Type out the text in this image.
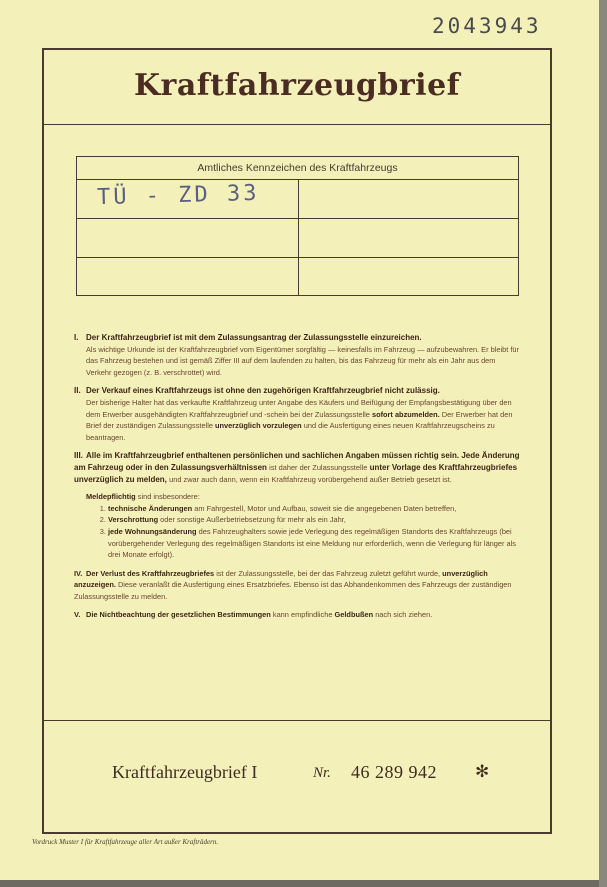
2043943
Kraftfahrzeugbrief
Amtliches Kennzeichen des Kraftfahrzeugs
TÜ - ZD 33
I. Der Kraftfahrzeugbrief ist mit dem Zulassungsantrag der Zulassungsstelle einzureichen.
Als wichtige Urkunde ist der Kraftfahrzeugbrief vom Eigentümer sorgfältig — keinesfalls im Fahrzeug — aufzubewahren. Er bleibt für das Fahrzeug bestehen und ist gemäß Ziffer III auf dem laufenden zu halten, bis das Fahrzeug für mehr als ein Jahr aus dem Verkehr gezogen (z. B. verschrottet) wird.
II. Der Verkauf eines Kraftfahrzeugs ist ohne den zugehörigen Kraftfahrzeugbrief nicht zulässig.
Der bisherige Halter hat das verkaufte Kraftfahrzeug unter Angabe des Käufers und Beifügung der Empfangsbestätigung über den dem Erwerber ausgehändigten Kraftfahrzeugbrief und -schein bei der Zulassungsstelle sofort abzumelden. Der Erwerber hat den Brief der zuständigen Zulassungsstelle unverzüglich vorzulegen und die Ausfertigung eines neuen Kraftfahrzeugscheins zu beantragen.
III. Alle im Kraftfahrzeugbrief enthaltenen persönlichen und sachlichen Angaben müssen richtig sein. Jede Änderung am Fahrzeug oder in den Zulassungsverhältnissen ist daher der Zulassungsstelle unter Vorlage des Kraftfahrzeugbriefes unverzüglich zu melden, und zwar auch dann, wenn ein Kraftfahrzeug vorübergehend außer Betrieb gesetzt ist.
Meldepflichtig sind insbesondere:
1. technische Änderungen am Fahrgestell, Motor und Aufbau, soweit sie die angegebenen Daten betreffen,
2. Verschrottung oder sonstige Außerbetriebsetzung für mehr als ein Jahr,
3. jede Wohnungsänderung des Fahrzeughalters sowie jede Verlegung des regelmäßigen Standorts des Kraftfahrzeugs (bei vorübergehender Verlegung des regelmäßigen Standorts ist eine Meldung nur erforderlich, wenn die Verlegung für länger als drei Monate erfolgt).
IV. Der Verlust des Kraftfahrzeugbriefes ist der Zulassungsstelle, bei der das Fahrzeug zuletzt geführt wurde, unverzüglich anzuzeigen. Diese veranlaßt die Ausfertigung eines Ersatzbriefes. Ebenso ist das Abhandenkommen des Fahrzeugs der zuständigen Zulassungsstelle zu melden.
V. Die Nichtbeachtung der gesetzlichen Bestimmungen kann empfindliche Geldbußen nach sich ziehen.
Kraftfahrzeugbrief I	Nr. 46 289 942 ✻
Vordruck Muster I für Kraftfahrzeuge aller Art außer Krafträdern.
